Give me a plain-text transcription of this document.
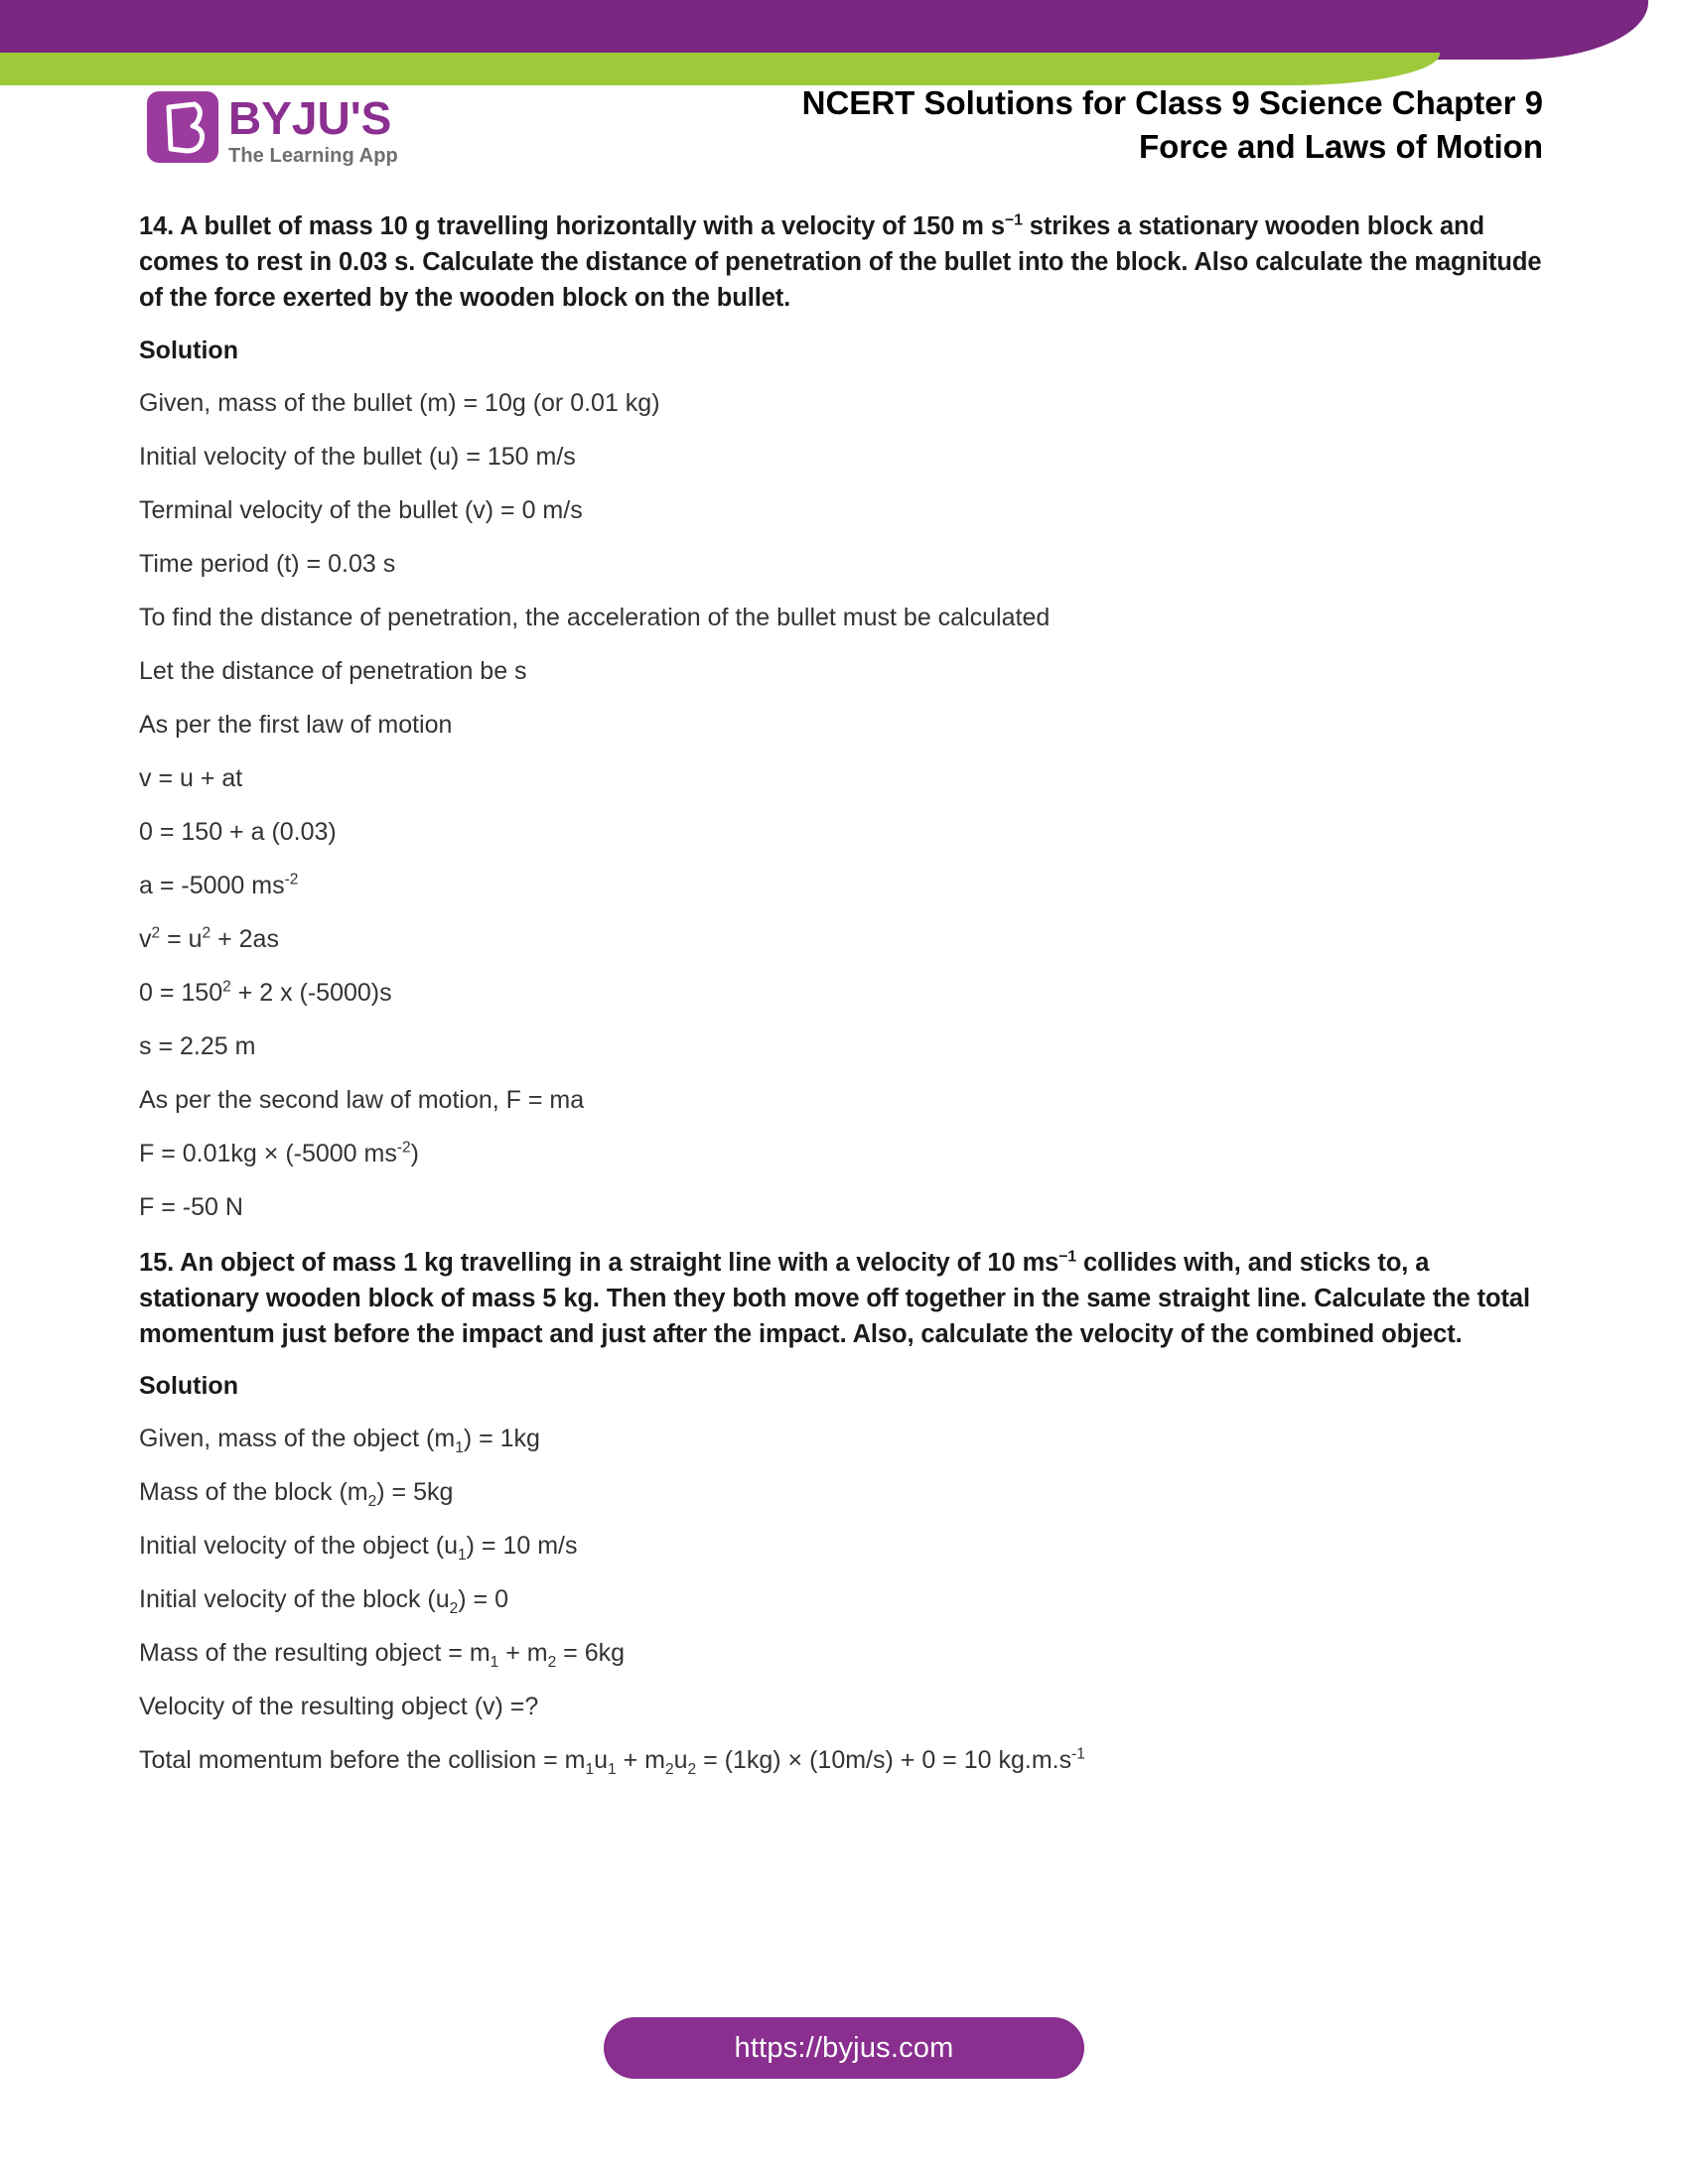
BYJU'S
The Learning App
NCERT Solutions for Class 9 Science Chapter 9
Force and Laws of Motion
14. A bullet of mass 10 g travelling horizontally with a velocity of 150 m $s^{-1}$ strikes a stationary wooden block and comes to rest in 0.03 s. Calculate the distance of penetration of the bullet into the block. Also calculate the magnitude of the force exerted by the wooden block on the bullet.
Solution
Given, mass of the bullet (m) = 10g (or 0.01 kg)
Initial velocity of the bullet (u) = 150 m/s
Terminal velocity of the bullet (v) = 0 m/s
Time period (t) = 0.03 s
To find the distance of penetration, the acceleration of the bullet must be calculated
Let the distance of penetration be s
As per the first law of motion
v = u + at
0 = 150 + a (0.03)
a = -5000 $ms^{-2}$
$v^2 = u^2 + 2as$
$0 = 150^2 + 2$ x (-5000)s
s = 2.25 m
As per the second law of motion, F = ma
F = 0.01kg × (-5000 $ms^{-2}$)
F = -50 N
15. An object of mass 1 kg travelling in a straight line with a velocity of 10 $ms^{-1}$ collides with, and sticks to, a stationary wooden block of mass 5 kg. Then they both move off together in the same straight line. Calculate the total momentum just before the impact and just after the impact. Also, calculate the velocity of the combined object.
Solution
Given, mass of the object $(m_1) = 1kg$
Mass of the block $(m_2) = 5kg$
Initial velocity of the object $(u_1) = 10$ m/s
Initial velocity of the block $(u_2) = 0$
Mass of the resulting object = $m_1 + m_2 = 6kg$
Velocity of the resulting object (v) =?
Total momentum before the collision = $m_1u_1 + m_2u_2 = (1kg) \times (10m/s) + 0 = 10$ $kg.m.s^{-1}$
https://byjus.com
